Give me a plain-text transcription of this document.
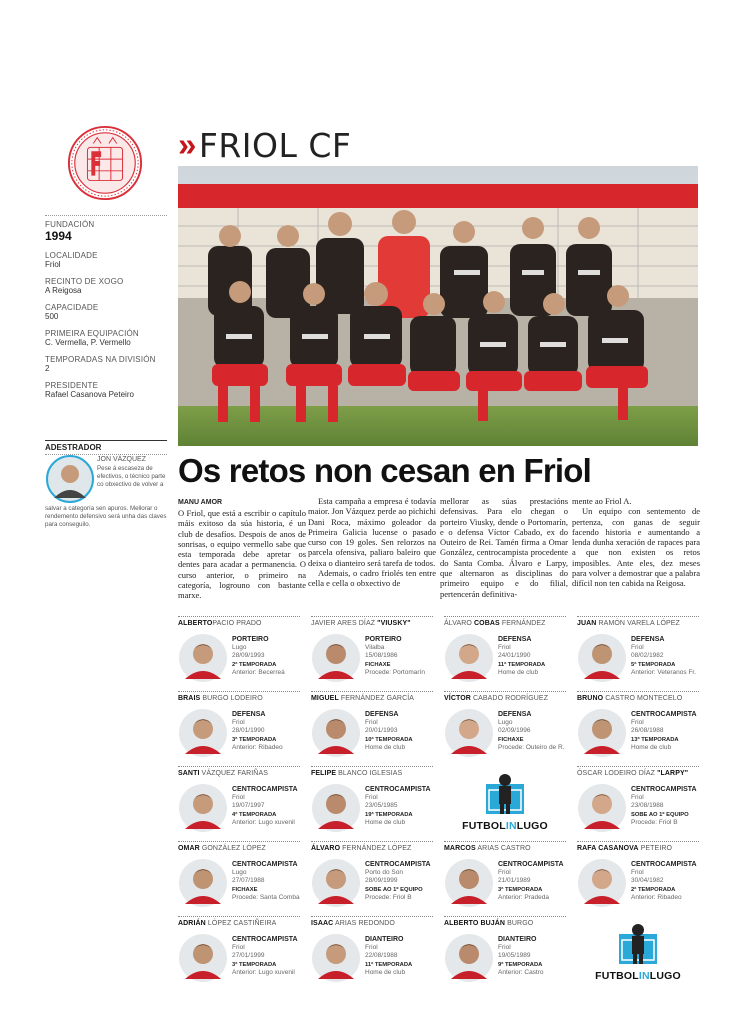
» FRIOL CF
FUNDACIÓN
1994
LOCALIDADE
Friol
RECINTO DE XOGO
A Reigosa
CAPACIDADE
500
PRIMEIRA EQUIPACIÓN
C. Vermella, P. Vermello
TEMPORADAS NA DIVISIÓN
2
PRESIDENTE
Rafael Casanova Peteiro
ADESTRADOR
JON VÁZQUEZ
Pese á escaseza de efectivos, o técnico parte co obxectivo de volver a
salvar a categoría sen apuros. Mellorar o rendemento defensivo será unha das claves para conseguilo.
Os retos non cesan en Friol

MANU AMOR

O Friol, que está a escribir o capítulo máis exitoso da súa historia, é un club de desafíos. Despois de anos de sonrisas, o equipo vermello sabe que esta temporada debe apretar os dentes para acadar a permanencia. O curso anterior, o primeiro na categoría, logrouno con bastante marxe.

Esta campaña a empresa é todavía maior. Jon Vázquez perde ao pichichi Dani Roca, máximo goleador da Primeira Galicia lucense o pasado curso con 19 goles. Sen relorzos na parcela ofensiva, paliaro baleiro que deixa o dianteiro será tarefa de todos.

Ademais, o cadro friolés ten entre cella e cella o obxectivo de

mellorar as súas prestacións defensivas. Para elo chegan o porteiro Viusky, dende o Portomarín, e o defensa Víctor Cabado, ex do Outeiro de Rei. Tamén firma a Omar González, centrocampista procedente do Santa Comba. Álvaro e Larpy, que alternaron as disciplinas do primeiro equipo e do filial, pertencerán definitiva-

mente ao Friol A.

Un equipo con sentemento de pertenza, con ganas de seguir facendo historia e aumentando a lenda dunha xeración de rapaces para a que non existen os retos imposibles. Ante eles, dez meses para volver a demostrar que a palabra difícil non ten cabida na Reigosa.

ALBERTOPACIO PRADO
PORTEIRO
Lugo
28/09/1993
2ª TEMPORADA
Anterior: Becerreá
JAVIER ARES DÍAZ "VIUSKY"
PORTEIRO
Vilalba
15/08/1986
FICHAXE
Procede: Portomarín
ÁLVARO COBAS FERNÁNDEZ
DEFENSA
Friol
24/01/1990
11ª TEMPORADA
Home de club
JUAN RAMÓN VARELA LÓPEZ
DEFENSA
Friol
08/02/1982
5ª TEMPORADA
Anterior: Veteranos Fr.
BRAIS BURGO LODEIRO
DEFENSA
Friol
28/01/1990
3ª TEMPORADA
Anterior: Ribadeo
MIGUEL FERNÁNDEZ GARCÍA
DEFENSA
Friol
20/01/1993
10ª TEMPORADA
Home de club
VÍCTOR CABADO RODRÍGUEZ
DEFENSA
Lugo
02/09/1996
FICHAXE
Procede: Outeiro de R.
BRUNO CASTRO MONTECELO
CENTROCAMPISTA
Friol
26/08/1988
13ª TEMPORADA
Home de club
SANTI VÁZQUEZ FARIÑAS
CENTROCAMPISTA
Friol
19/07/1997
4ª TEMPORADA
Anterior: Lugo xuvenil
FELIPE BLANCO IGLESIAS
CENTROCAMPISTA
Friol
23/05/1985
19ª TEMPORADA
Home de club	FUTBOLINLUGO
ÓSCAR LODEIRO DÍAZ "LARPY"
CENTROCAMPISTA
Friol
23/08/1988
SOBE AO 1º EQUIPO
Procede: Friol B
OMAR GONZÁLEZ LÓPEZ
CENTROCAMPISTA
Lugo
27/07/1988
FICHAXE
Procede: Santa Comba
ÁLVARO FERNÁNDEZ LÓPEZ
CENTROCAMPISTA
Porto do Son
28/09/1999
SOBE AO 1º EQUIPO
Procede: Friol B
MARCOS ARIAS CASTRO
CENTROCAMPISTA
Friol
21/01/1989
3ª TEMPORADA
Anterior: Pradeda
RAFA CASANOVA PETEIRO
CENTROCAMPISTA
Friol
30/04/1982
2ª TEMPORADA
Anterior: Ribadeo
ADRIÁN LÓPEZ CASTIÑEIRA
CENTROCAMPISTA
Friol
27/01/1999
3ª TEMPORADA
Anterior: Lugo xuvenil
ISAAC ARIAS REDONDO
DIANTEIRO
Friol
22/08/1988
11ª TEMPORADA
Home de club
ALBERTO BUJÁN BURGO
DIANTEIRO
Friol
19/05/1989
9ª TEMPORADA
Anterior: Castro	FUTBOLINLUGO
